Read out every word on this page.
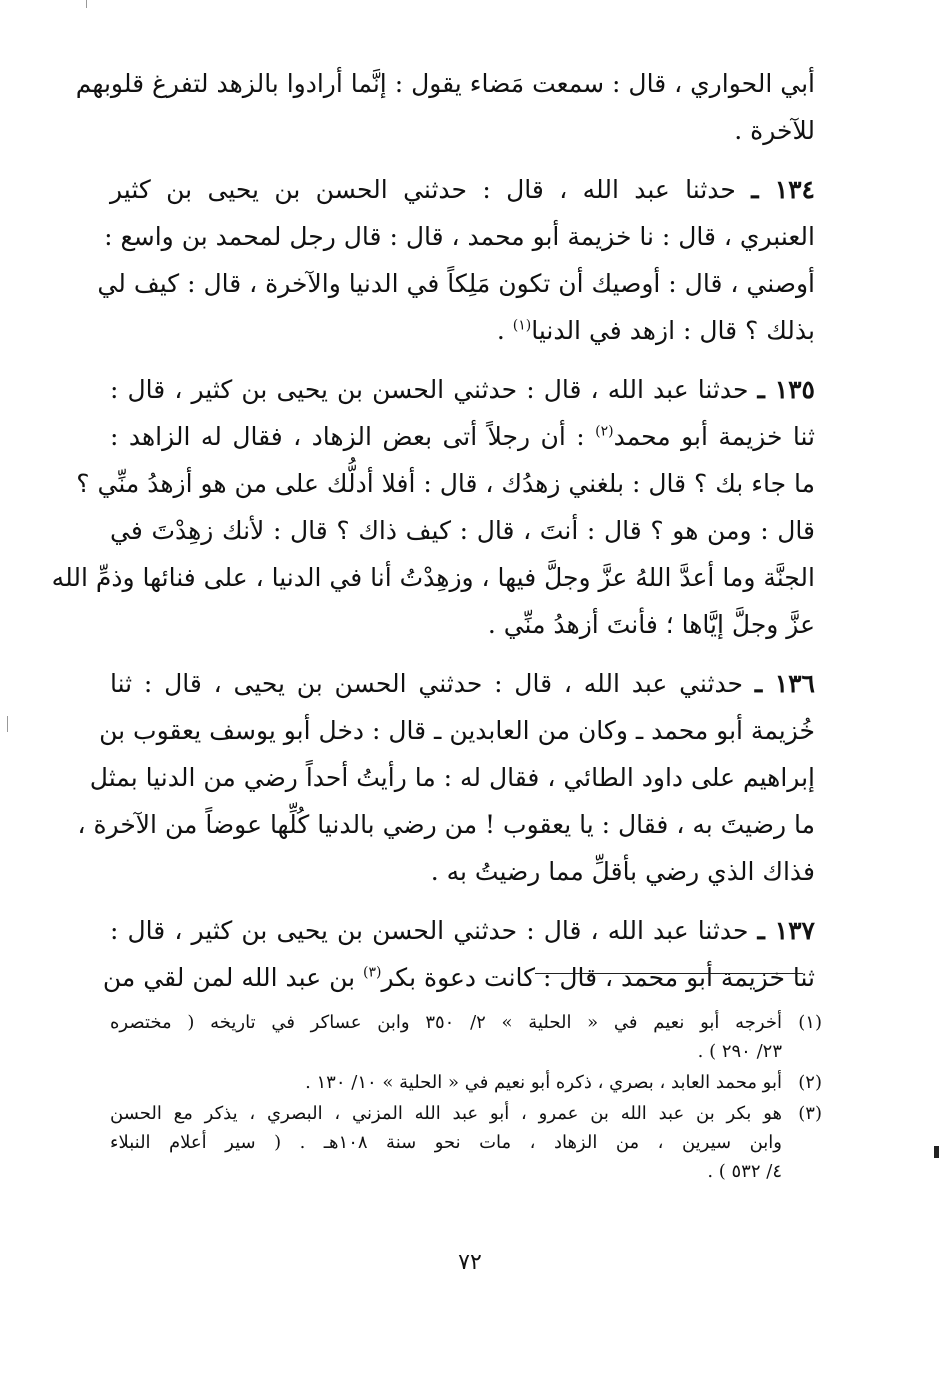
أبي الحواري ، قال : سمعت مَضاء يقول : إنَّما أرادوا بالزهد لتفرغ قلوبهم
للآخرة .
١٣٤ ـ حدثنا عبد الله ، قال : حدثني الحسن بن يحيى بن كثير
العنبري ، قال : نا خزيمة أبو محمد ، قال : قال رجل لمحمد بن واسع :
أوصني ، قال : أوصيك أن تكون مَلِكاً في الدنيا والآخرة ، قال : كيف لي
بذلك ؟ قال : ازهد في الدنيا$^{(١)}$ .
١٣٥ ـ حدثنا عبد الله ، قال : حدثني الحسن بن يحيى بن كثير ، قال :
ثنا خزيمة أبو محمد$^{(٢)}$ : أن رجلاً أتى بعض الزهاد ، فقال له الزاهد :
ما جاء بك ؟ قال : بلغني زهدُك ، قال : أفلا أدلُّك على من هو أزهدُ منِّي ؟
قال : ومن هو ؟ قال : أنتَ ، قال : كيف ذاك ؟ قال : لأنك زهِدْتَ في
الجنَّة وما أعدَّ اللهُ عزَّ وجلَّ فيها ، وزهِدْتُ أنا في الدنيا ، على فنائها وذمِّ الله
عزَّ وجلَّ إيَّاها ؛ فأنتَ أزهدُ منِّي .
١٣٦ ـ حدثني عبد الله ، قال : حدثني الحسن بن يحيى ، قال : ثنا
خُزيمة أبو محمد ـ وكان من العابدين ـ قال : دخل أبو يوسف يعقوب بن
إبراهيم على داود الطائي ، فقال له : ما رأيتُ أحداً رضي من الدنيا بمثل
ما رضيتَ به ، فقال : يا يعقوب ! من رضي بالدنيا كُلِّها عوضاً من الآخرة ،
فذاك الذي رضي بأقلِّ مما رضيتُ به .
١٣٧ ـ حدثنا عبد الله ، قال : حدثني الحسن بن يحيى بن كثير ، قال :
ثنا خزيمة أبو محمد ، قال : كانت دعوة بكر$^{(٣)}$ بن عبد الله لمن لقي من
(١)
أخرجه أبو نعيم في « الحلية » ٢/ ٣٥٠ وابن عساكر في تاريخه ( مختصره
٢٣/ ٢٩٠ ) .
(٢)
أبو محمد العابد ، بصري ، ذكره أبو نعيم في « الحلية » ١٠/ ١٣٠ .
(٣)
هو بكر بن عبد الله بن عمرو ، أبو عبد الله المزني ، البصري ، يذكر مع الحسن
وابن سيرين ، من الزهاد ، مات نحو سنة ١٠٨هـ . ( سير أعلام النبلاء
٤/ ٥٣٢ ) .
٧٢
